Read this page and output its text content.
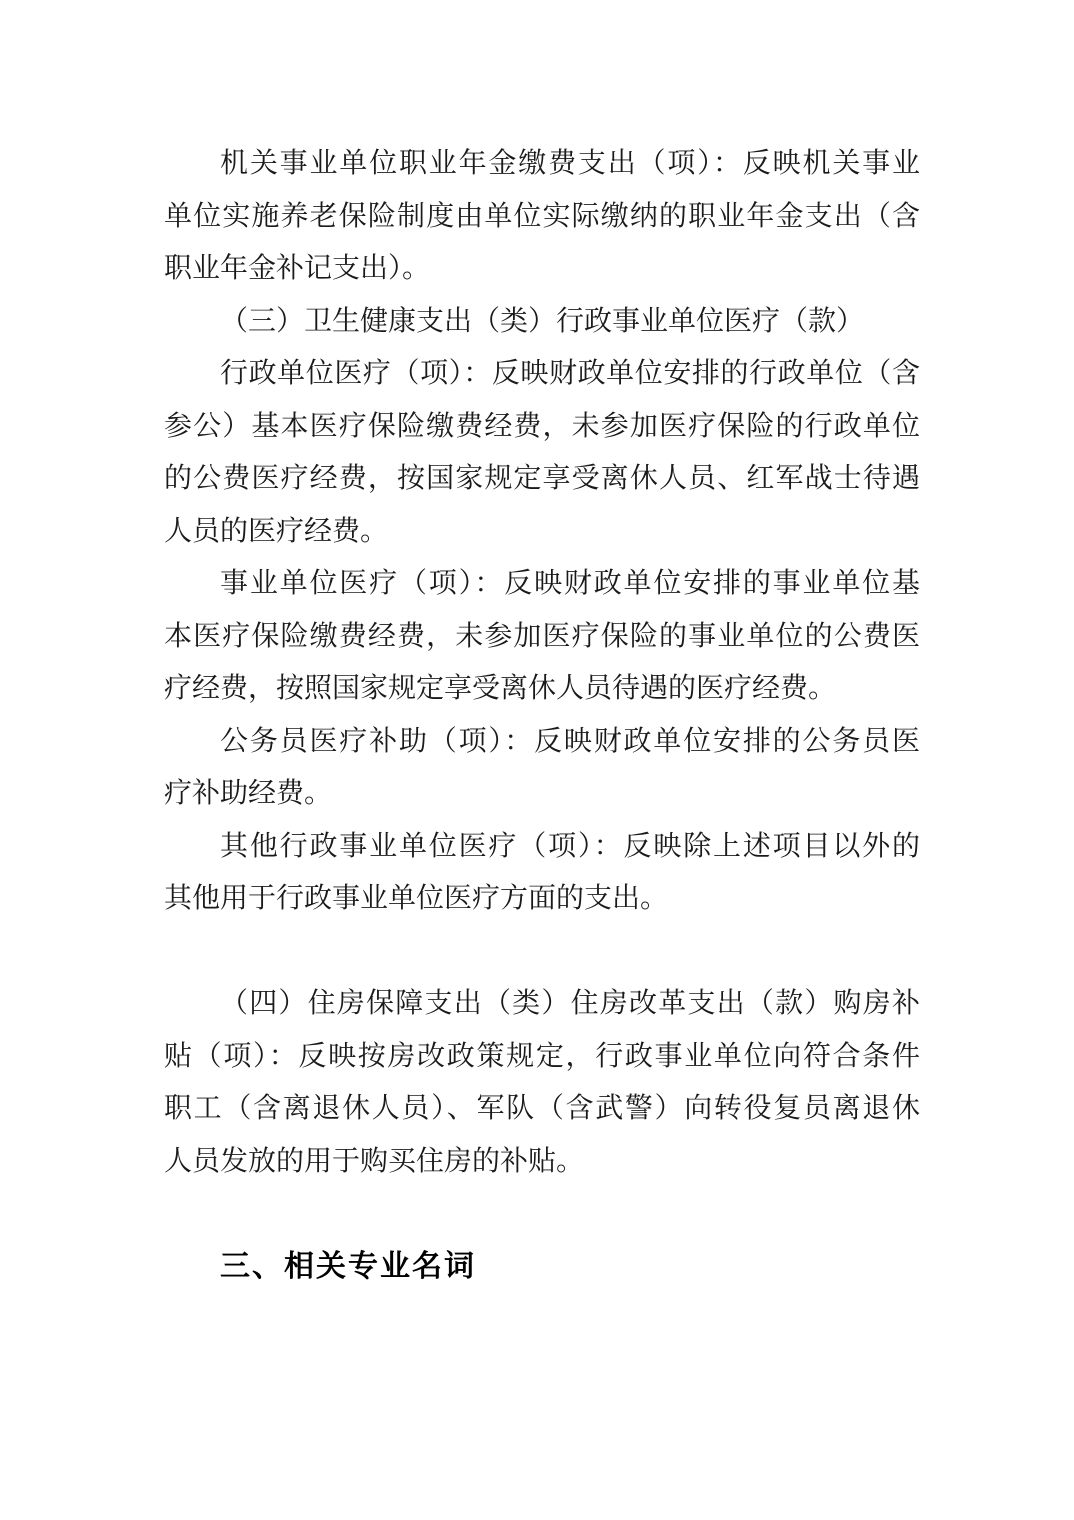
机关事业单位职业年金缴费支出（项）：反映机关事业
单位实施养老保险制度由单位实际缴纳的职业年金支出（含
职业年金补记支出）。
（三）卫生健康支出（类）行政事业单位医疗（款）
行政单位医疗（项）：反映财政单位安排的行政单位（含
参公）基本医疗保险缴费经费，未参加医疗保险的行政单位
的公费医疗经费，按国家规定享受离休人员、红军战士待遇
人员的医疗经费。
事业单位医疗（项）：反映财政单位安排的事业单位基
本医疗保险缴费经费，未参加医疗保险的事业单位的公费医
疗经费，按照国家规定享受离休人员待遇的医疗经费。
公务员医疗补助（项）：反映财政单位安排的公务员医
疗补助经费。
其他行政事业单位医疗（项）：反映除上述项目以外的
其他用于行政事业单位医疗方面的支出。
（四）住房保障支出（类）住房改革支出（款）购房补
贴（项）：反映按房改政策规定，行政事业单位向符合条件
职工（含离退休人员）、军队（含武警）向转役复员离退休
人员发放的用于购买住房的补贴。
三、相关专业名词
